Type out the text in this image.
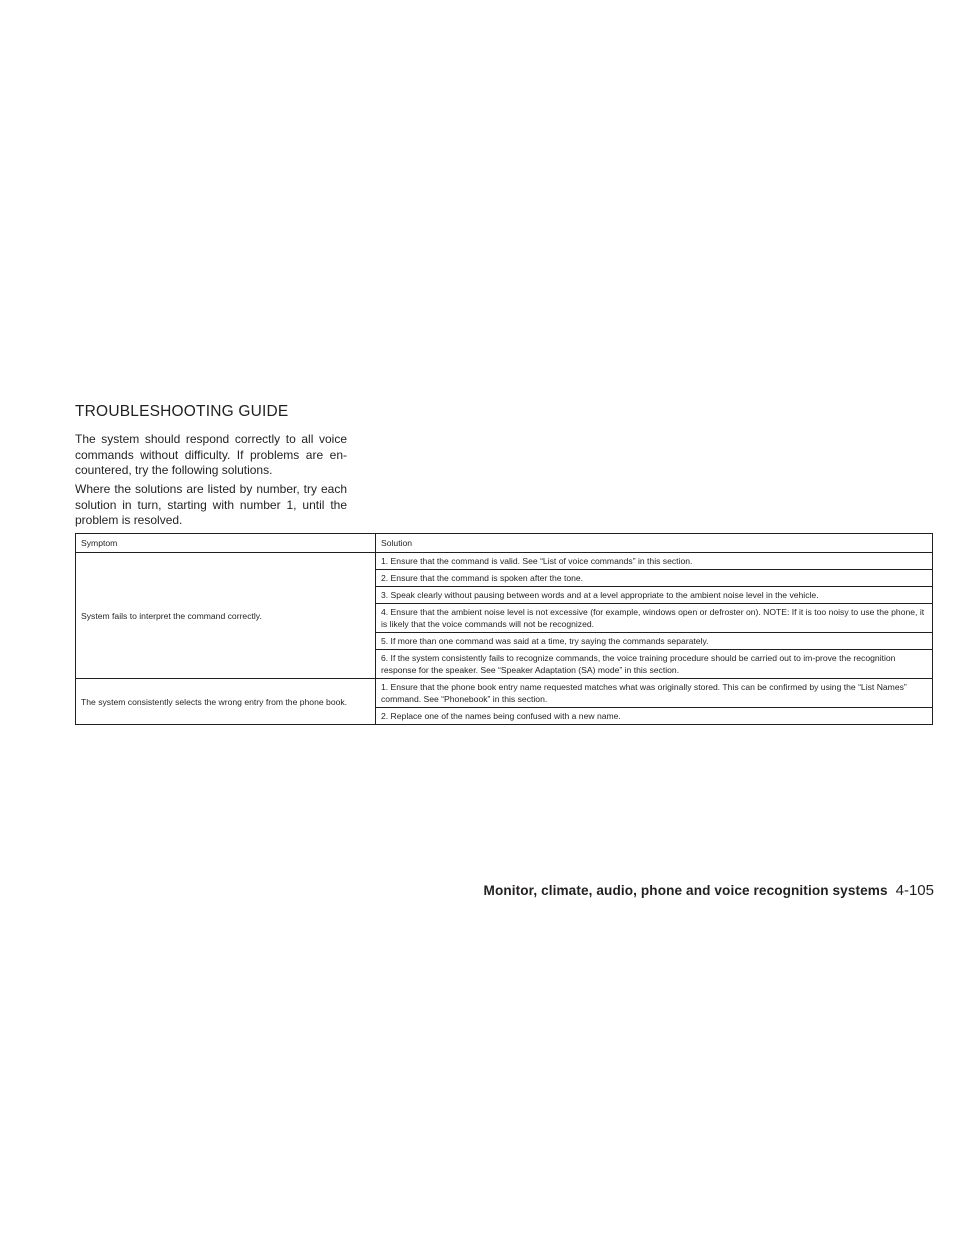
TROUBLESHOOTING GUIDE

The system should respond correctly to all voice commands without difficulty. If problems are en-countered, try the following solutions.

Where the solutions are listed by number, try each solution in turn, starting with number 1, until the problem is resolved.

Symptom	Solution
System fails to interpret the command correctly.	1. Ensure that the command is valid. See “List of voice commands” in this section.
	2. Ensure that the command is spoken after the tone.
	3. Speak clearly without pausing between words and at a level appropriate to the ambient noise level in the vehicle.
	4. Ensure that the ambient noise level is not excessive (for example, windows open or defroster on). NOTE: If it is too noisy to use the phone, it is likely that the voice commands will not be recognized.
	5. If more than one command was said at a time, try saying the commands separately.
	6. If the system consistently fails to recognize commands, the voice training procedure should be carried out to im-prove the recognition response for the speaker. See “Speaker Adaptation (SA) mode” in this section.
The system consistently selects the wrong entry from the phone book.	1. Ensure that the phone book entry name requested matches what was originally stored. This can be confirmed by using the “List Names” command. See “Phonebook” in this section.
	2. Replace one of the names being confused with a new name.
Monitor, climate, audio, phone and voice recognition systems 4-105
